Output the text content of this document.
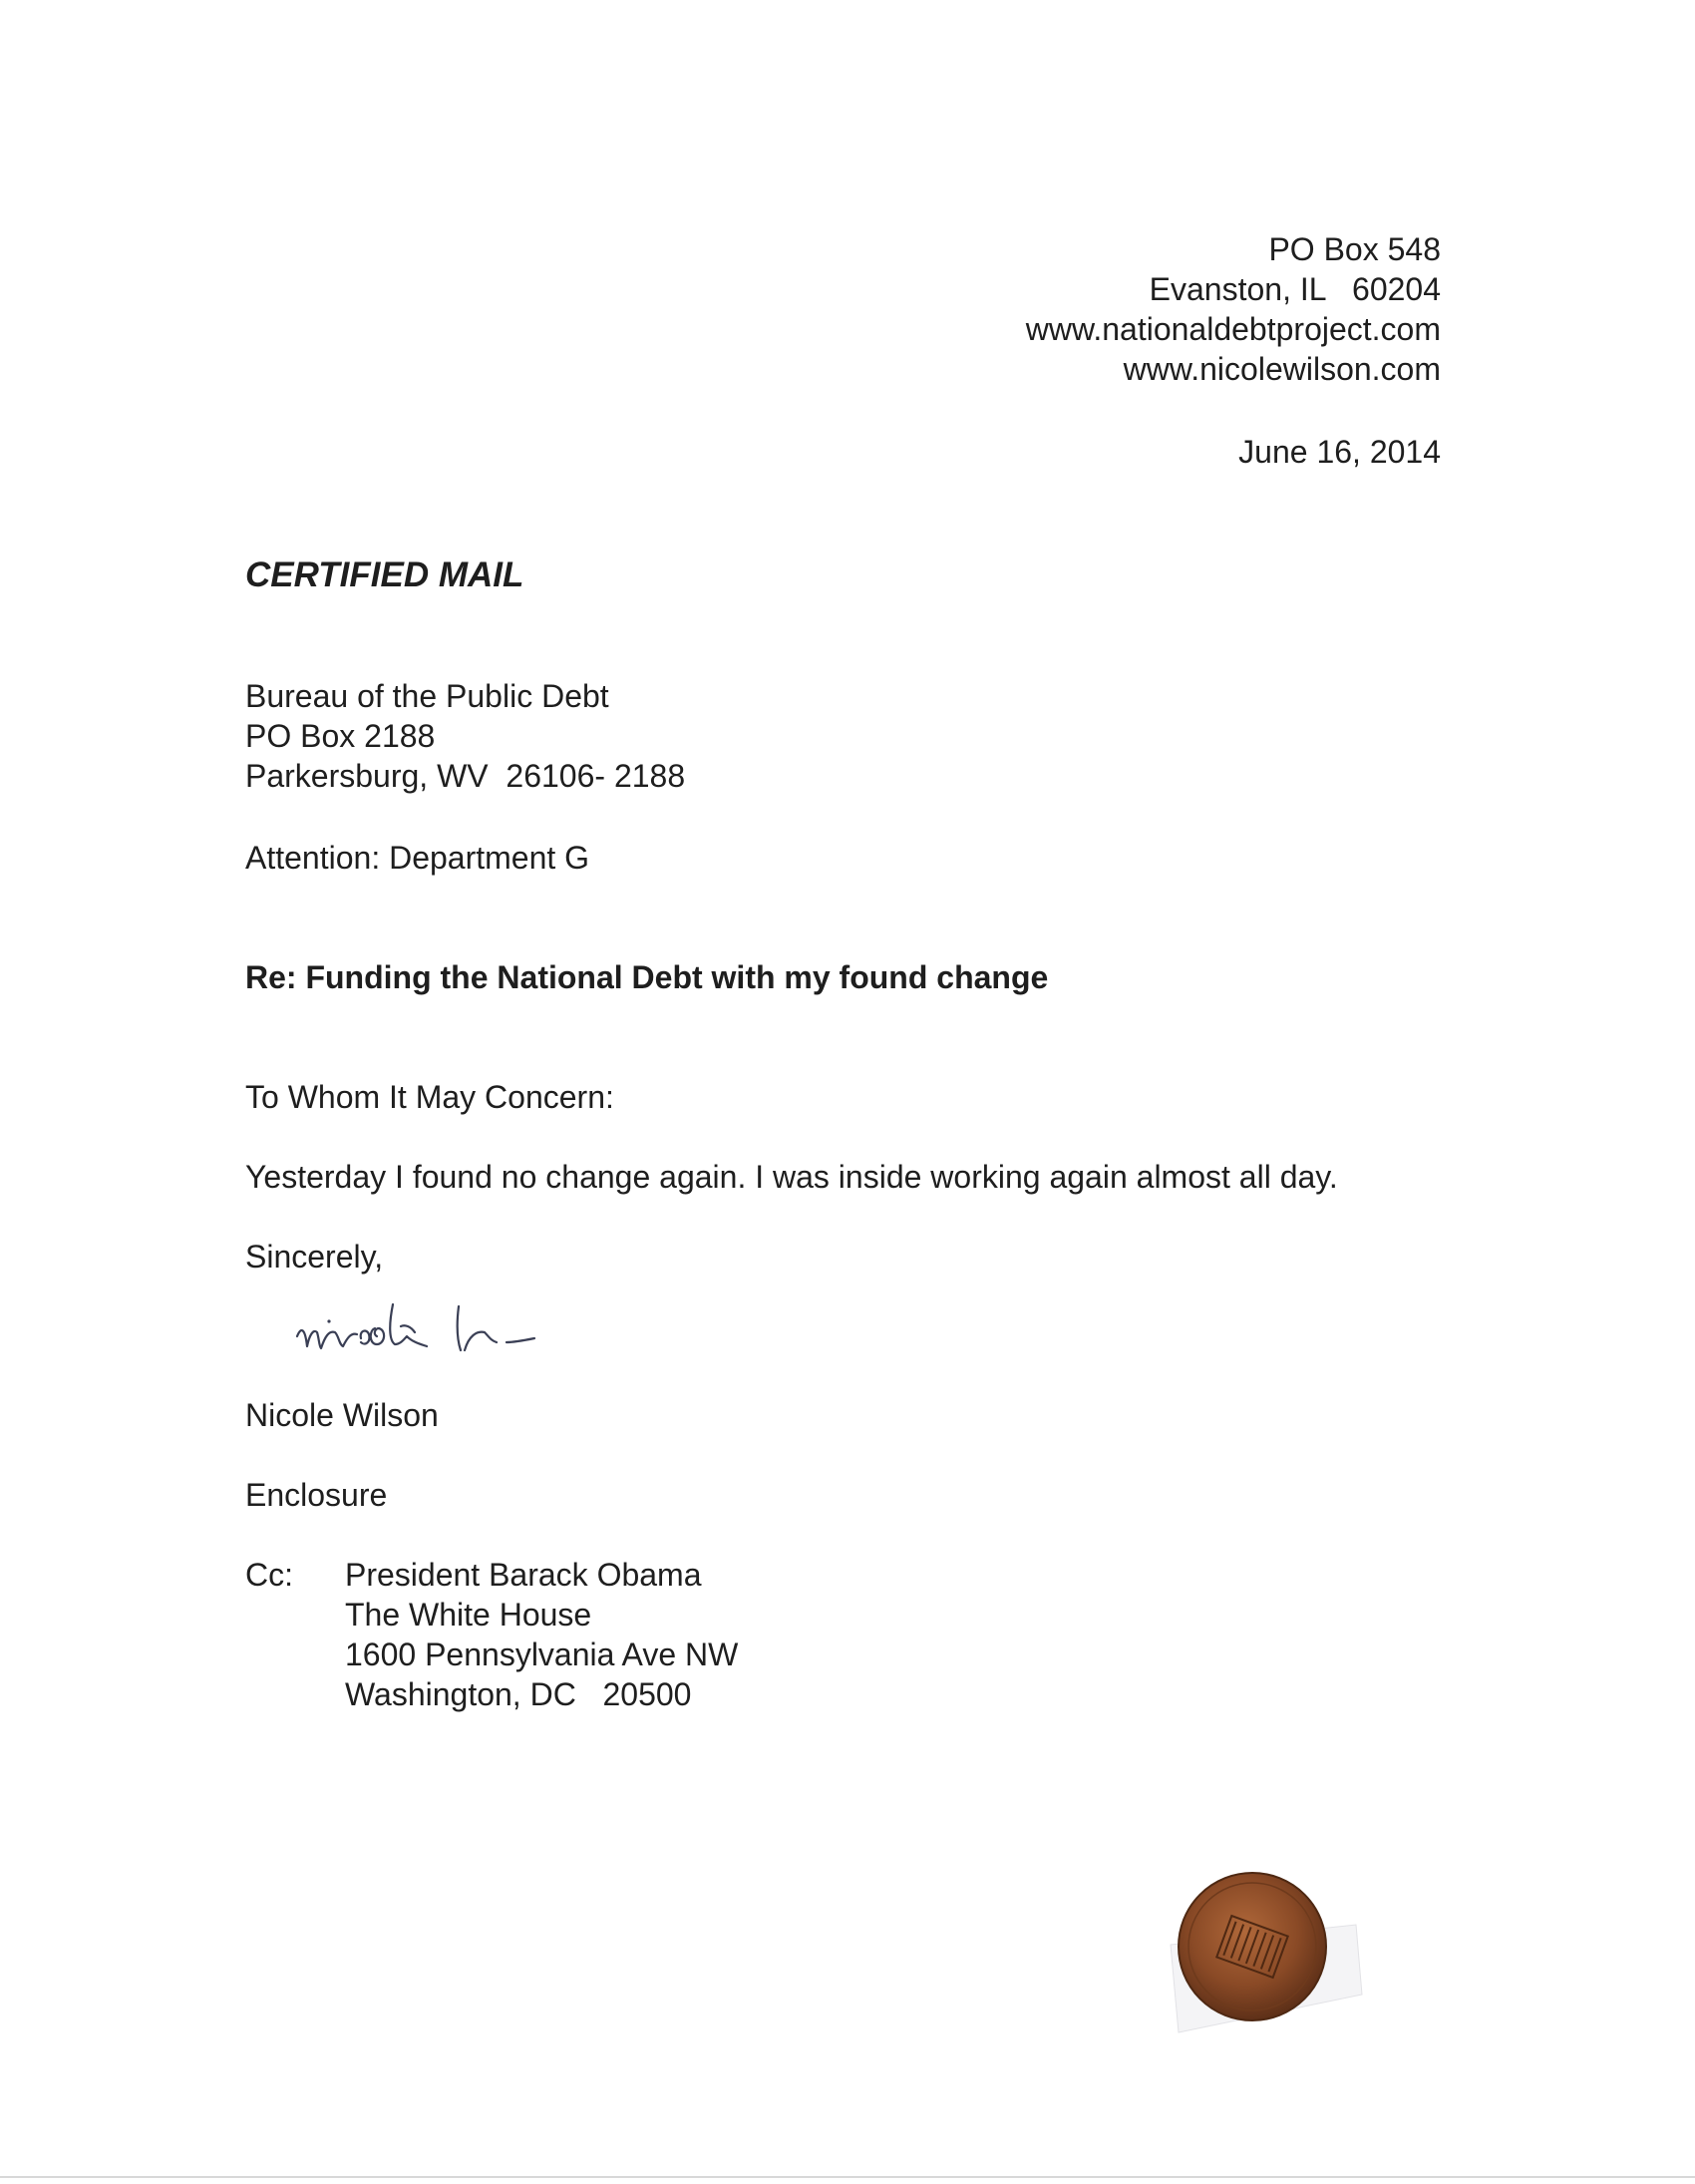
PO Box 548
Evanston, IL   60204
www.nationaldebtproject.com
www.nicolewilson.com
June 16, 2014
CERTIFIED MAIL
Bureau of the Public Debt
PO Box 2188
Parkersburg, WV  26106- 2188
Attention: Department G
Re: Funding the National Debt with my found change
To Whom It May Concern:
Yesterday I found no change again. I was inside working again almost all day.
Sincerely,
Nicole Wilson
Enclosure
Cc: President Barack Obama
The White House
1600 Pennsylvania Ave NW
Washington, DC   20500
